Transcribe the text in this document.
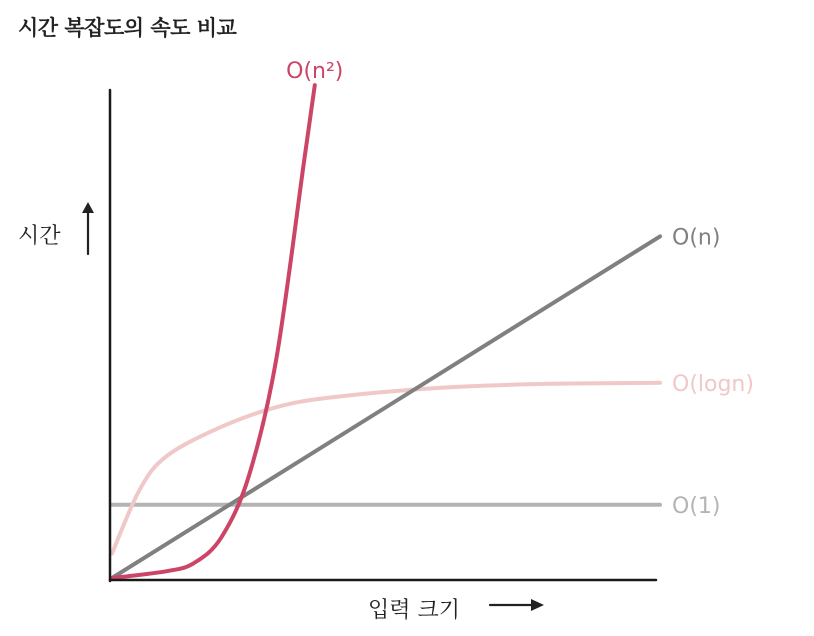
시간 복잡도의 속도 비교
시간
입력 크기
O(n²)
O(n)
O(logn)
O(1)
